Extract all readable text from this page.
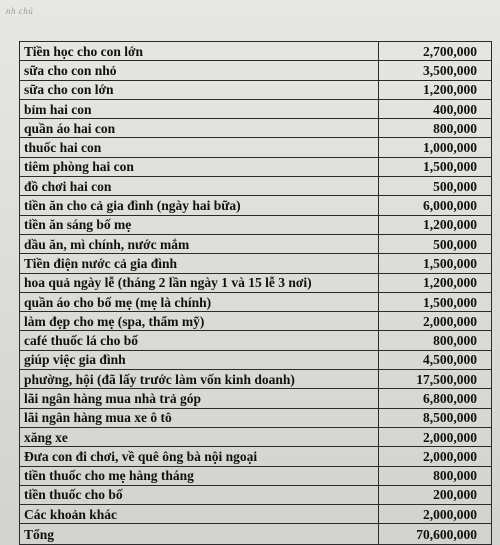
nh chủ
Tiền học cho con lớn	2,700,000
sữa cho con nhỏ	3,500,000
sữa cho con lớn	1,200,000
bỉm hai con	400,000
quần áo hai con	800,000
thuốc hai con	1,000,000
tiêm phòng hai con	1,500,000
đồ chơi hai con	500,000
tiền ăn cho cả gia đình (ngày hai bữa)	6,000,000
tiền ăn sáng bố mẹ	1,200,000
dầu ăn, mì chính, nước mắm	500,000
Tiền điện nước cả gia đình	1,500,000
hoa quả ngày lễ (tháng 2 lần ngày 1 và 15 lễ 3 nơi)	1,200,000
quần áo cho bố mẹ (mẹ là chính)	1,500,000
làm đẹp cho mẹ (spa, thẩm mỹ)	2,000,000
café thuốc lá cho bố	800,000
giúp việc gia đình	4,500,000
phường, hội (đã lấy trước làm vốn kinh doanh)	17,500,000
lãi ngân hàng mua nhà trả góp	6,800,000
lãi ngân hàng mua xe ô tô	8,500,000
xăng xe	2,000,000
Đưa con đi chơi, về quê ông bà nội ngoại	2,000,000
tiền thuốc cho mẹ hàng tháng	800,000
tiền thuốc cho bố	200,000
Các khoản khác	2,000,000
Tổng	70,600,000
